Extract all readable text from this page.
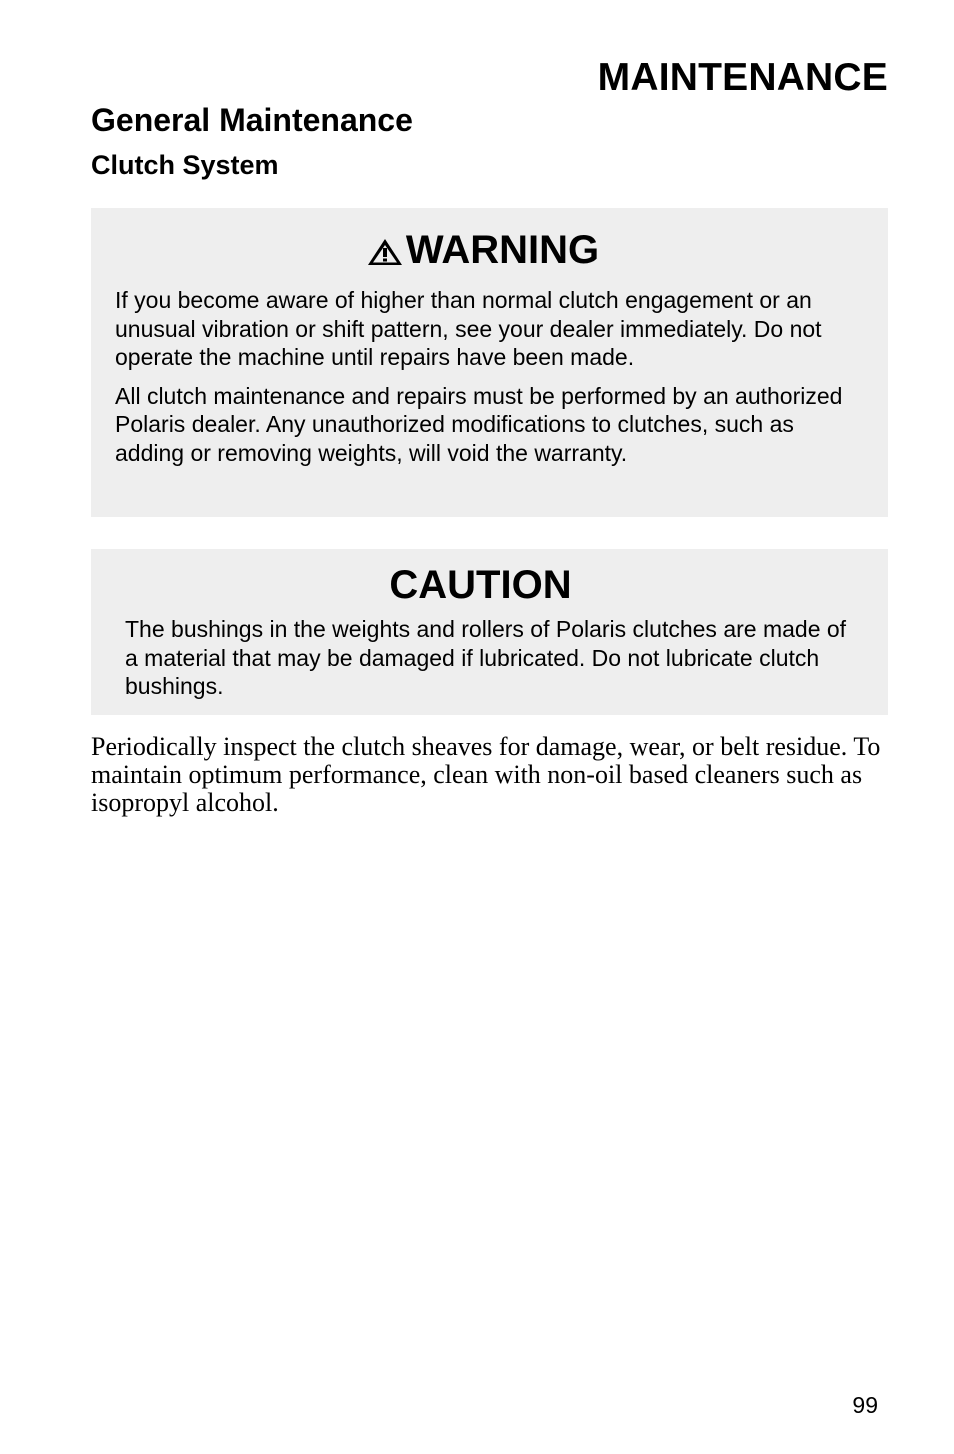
MAINTENANCE
General Maintenance
Clutch System
WARNING

If you become aware of higher than normal clutch engagement or an unusual vibration or shift pattern, see your dealer immediately. Do not operate the machine until repairs have been made.

All clutch maintenance and repairs must be performed by an authorized Polaris dealer. Any unauthorized modifications to clutches, such as adding or removing weights, will void the warranty.

CAUTION

The bushings in the weights and rollers of Polaris clutches are made of a material that may be damaged if lubricated. Do not lubricate clutch bushings.

Periodically inspect the clutch sheaves for damage, wear, or belt residue. To maintain optimum performance, clean with non-oil based cleaners such as isopropyl alcohol.

99
